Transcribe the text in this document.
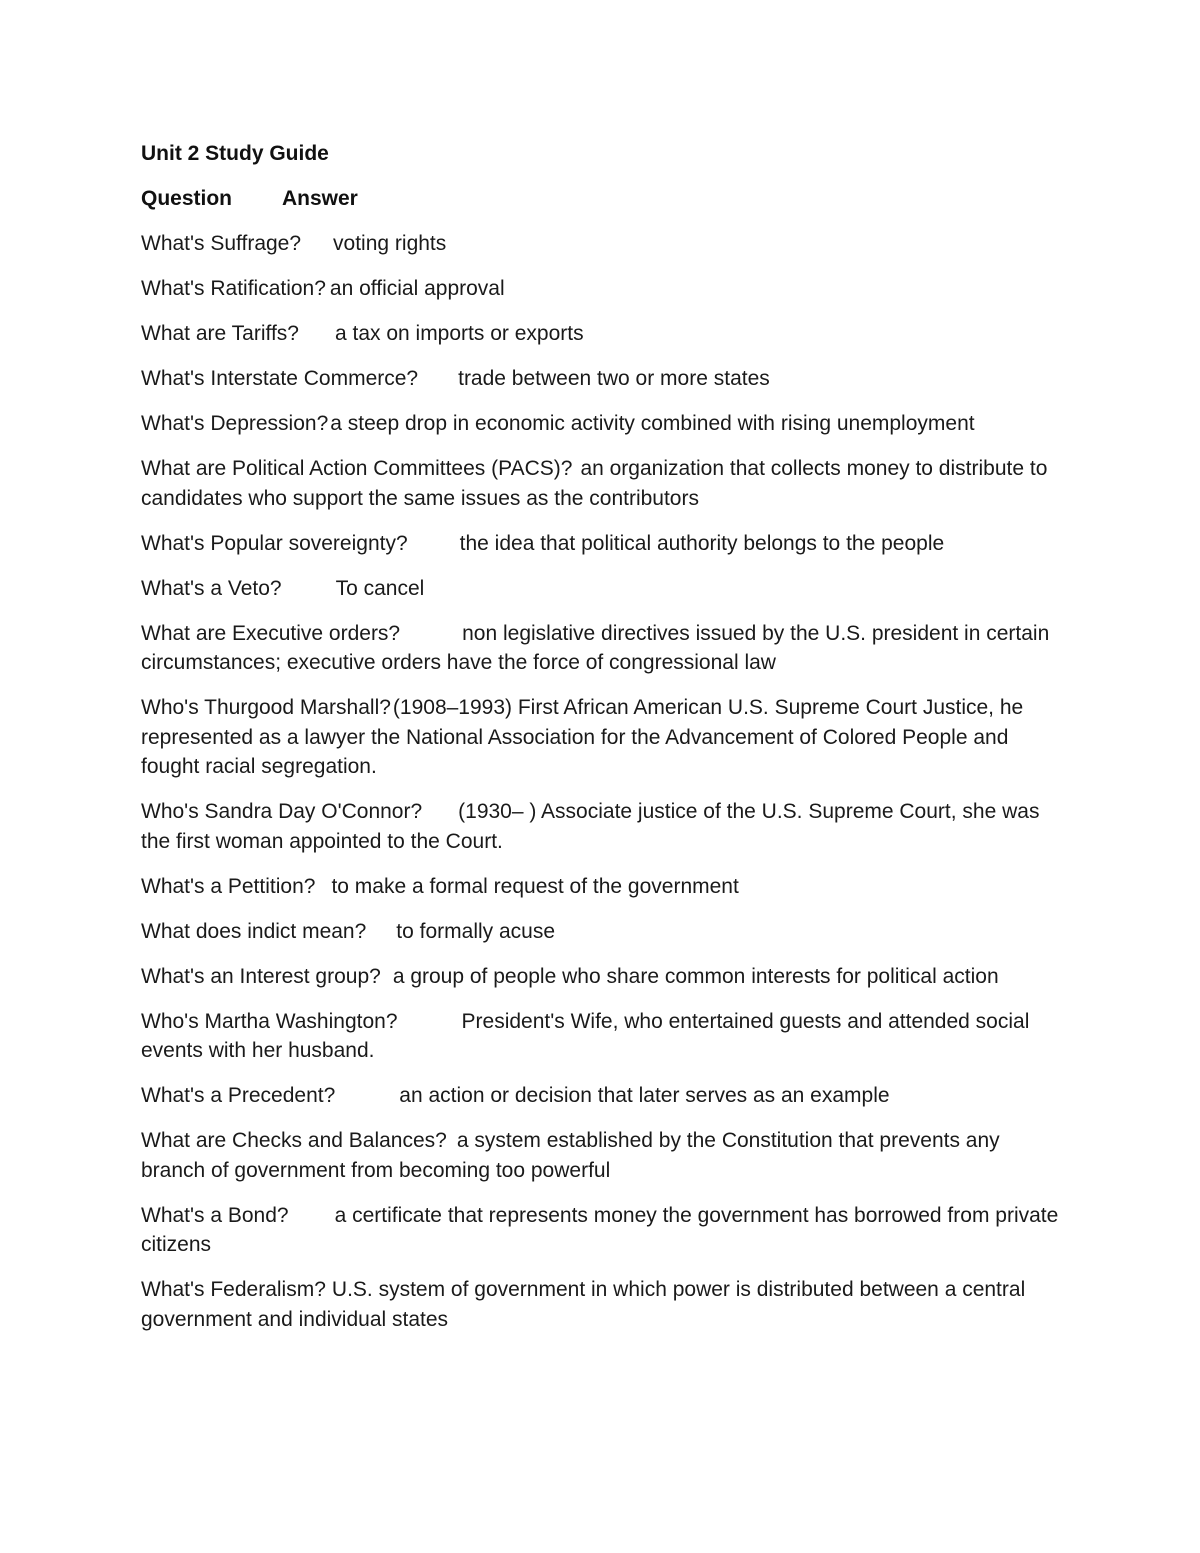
Unit 2 Study Guide
Question Answer
What's Suffrage? voting rights
What's Ratification? an official approval
What are Tariffs? a tax on imports or exports
What's Interstate Commerce? trade between two or more states
What's Depression?a steep drop in economic activity combined with rising unemployment
What are Political Action Committees (PACS)? an organization that collects money to distribute to candidates who support the same issues as the contributors
What's Popular sovereignty? the idea that political authority belongs to the people
What's a Veto?	To cancel
What are Executive orders?	non legislative directives issued by the U.S. president in certain circumstances; executive orders have the force of congressional law
Who's Thurgood Marshall?(1908–1993) First African American U.S. Supreme Court Justice, he represented as a lawyer the National Association for the Advancement of Colored People and fought racial segregation.
Who's Sandra Day O'Connor? (1930– ) Associate justice of the U.S. Supreme Court, she was the first woman appointed to the Court.
What's a Pettition? to make a formal request of the government
What does indict mean? to formally acuse
What's an Interest group? a group of people who share common interests for political action
Who's Martha Washington?	President's Wife, who entertained guests and attended social events with her husband.
What's a Precedent?	an action or decision that later serves as an example
What are Checks and Balances? a system established by the Constitution that prevents any branch of government from becoming too powerful
What's a Bond? a certificate that represents money the government has borrowed from private citizens
What's Federalism? U.S. system of government in which power is distributed between a central government and individual states
